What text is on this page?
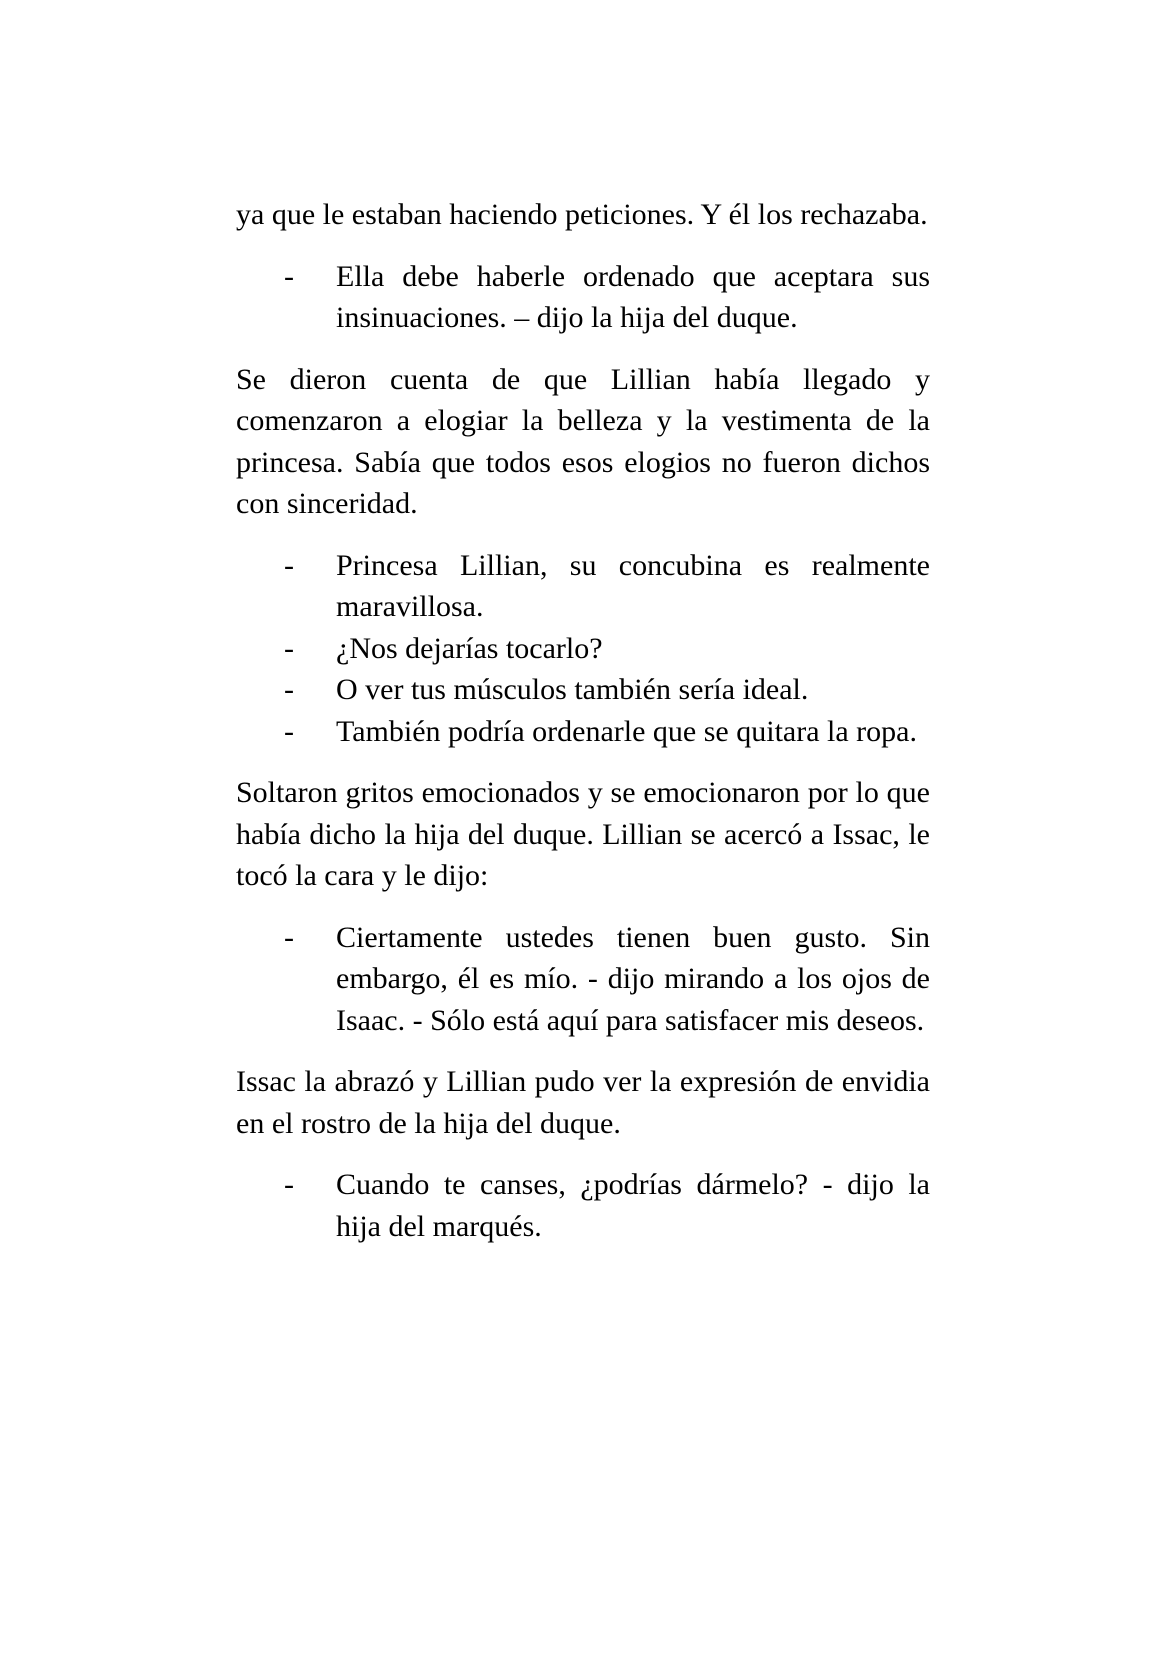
ya que le estaban haciendo peticiones. Y él los rechazaba.

- Ella debe haberle ordenado que aceptara sus insinuaciones. – dijo la hija del duque.

Se dieron cuenta de que Lillian había llegado y comenzaron a elogiar la belleza y la vestimenta de la princesa. Sabía que todos esos elogios no fueron dichos con sinceridad.

- Princesa Lillian, su concubina es realmente maravillosa.
- ¿Nos dejarías tocarlo?
- O ver tus músculos también sería ideal.
- También podría ordenarle que se quitara la ropa.

Soltaron gritos emocionados y se emocionaron por lo que había dicho la hija del duque. Lillian se acercó a Issac, le tocó la cara y le dijo:

- Ciertamente ustedes tienen buen gusto. Sin embargo, él es mío. - dijo mirando a los ojos de Isaac. - Sólo está aquí para satisfacer mis deseos.

Issac la abrazó y Lillian pudo ver la expresión de envidia en el rostro de la hija del duque.

- Cuando te canses, ¿podrías dármelo? - dijo la hija del marqués.
